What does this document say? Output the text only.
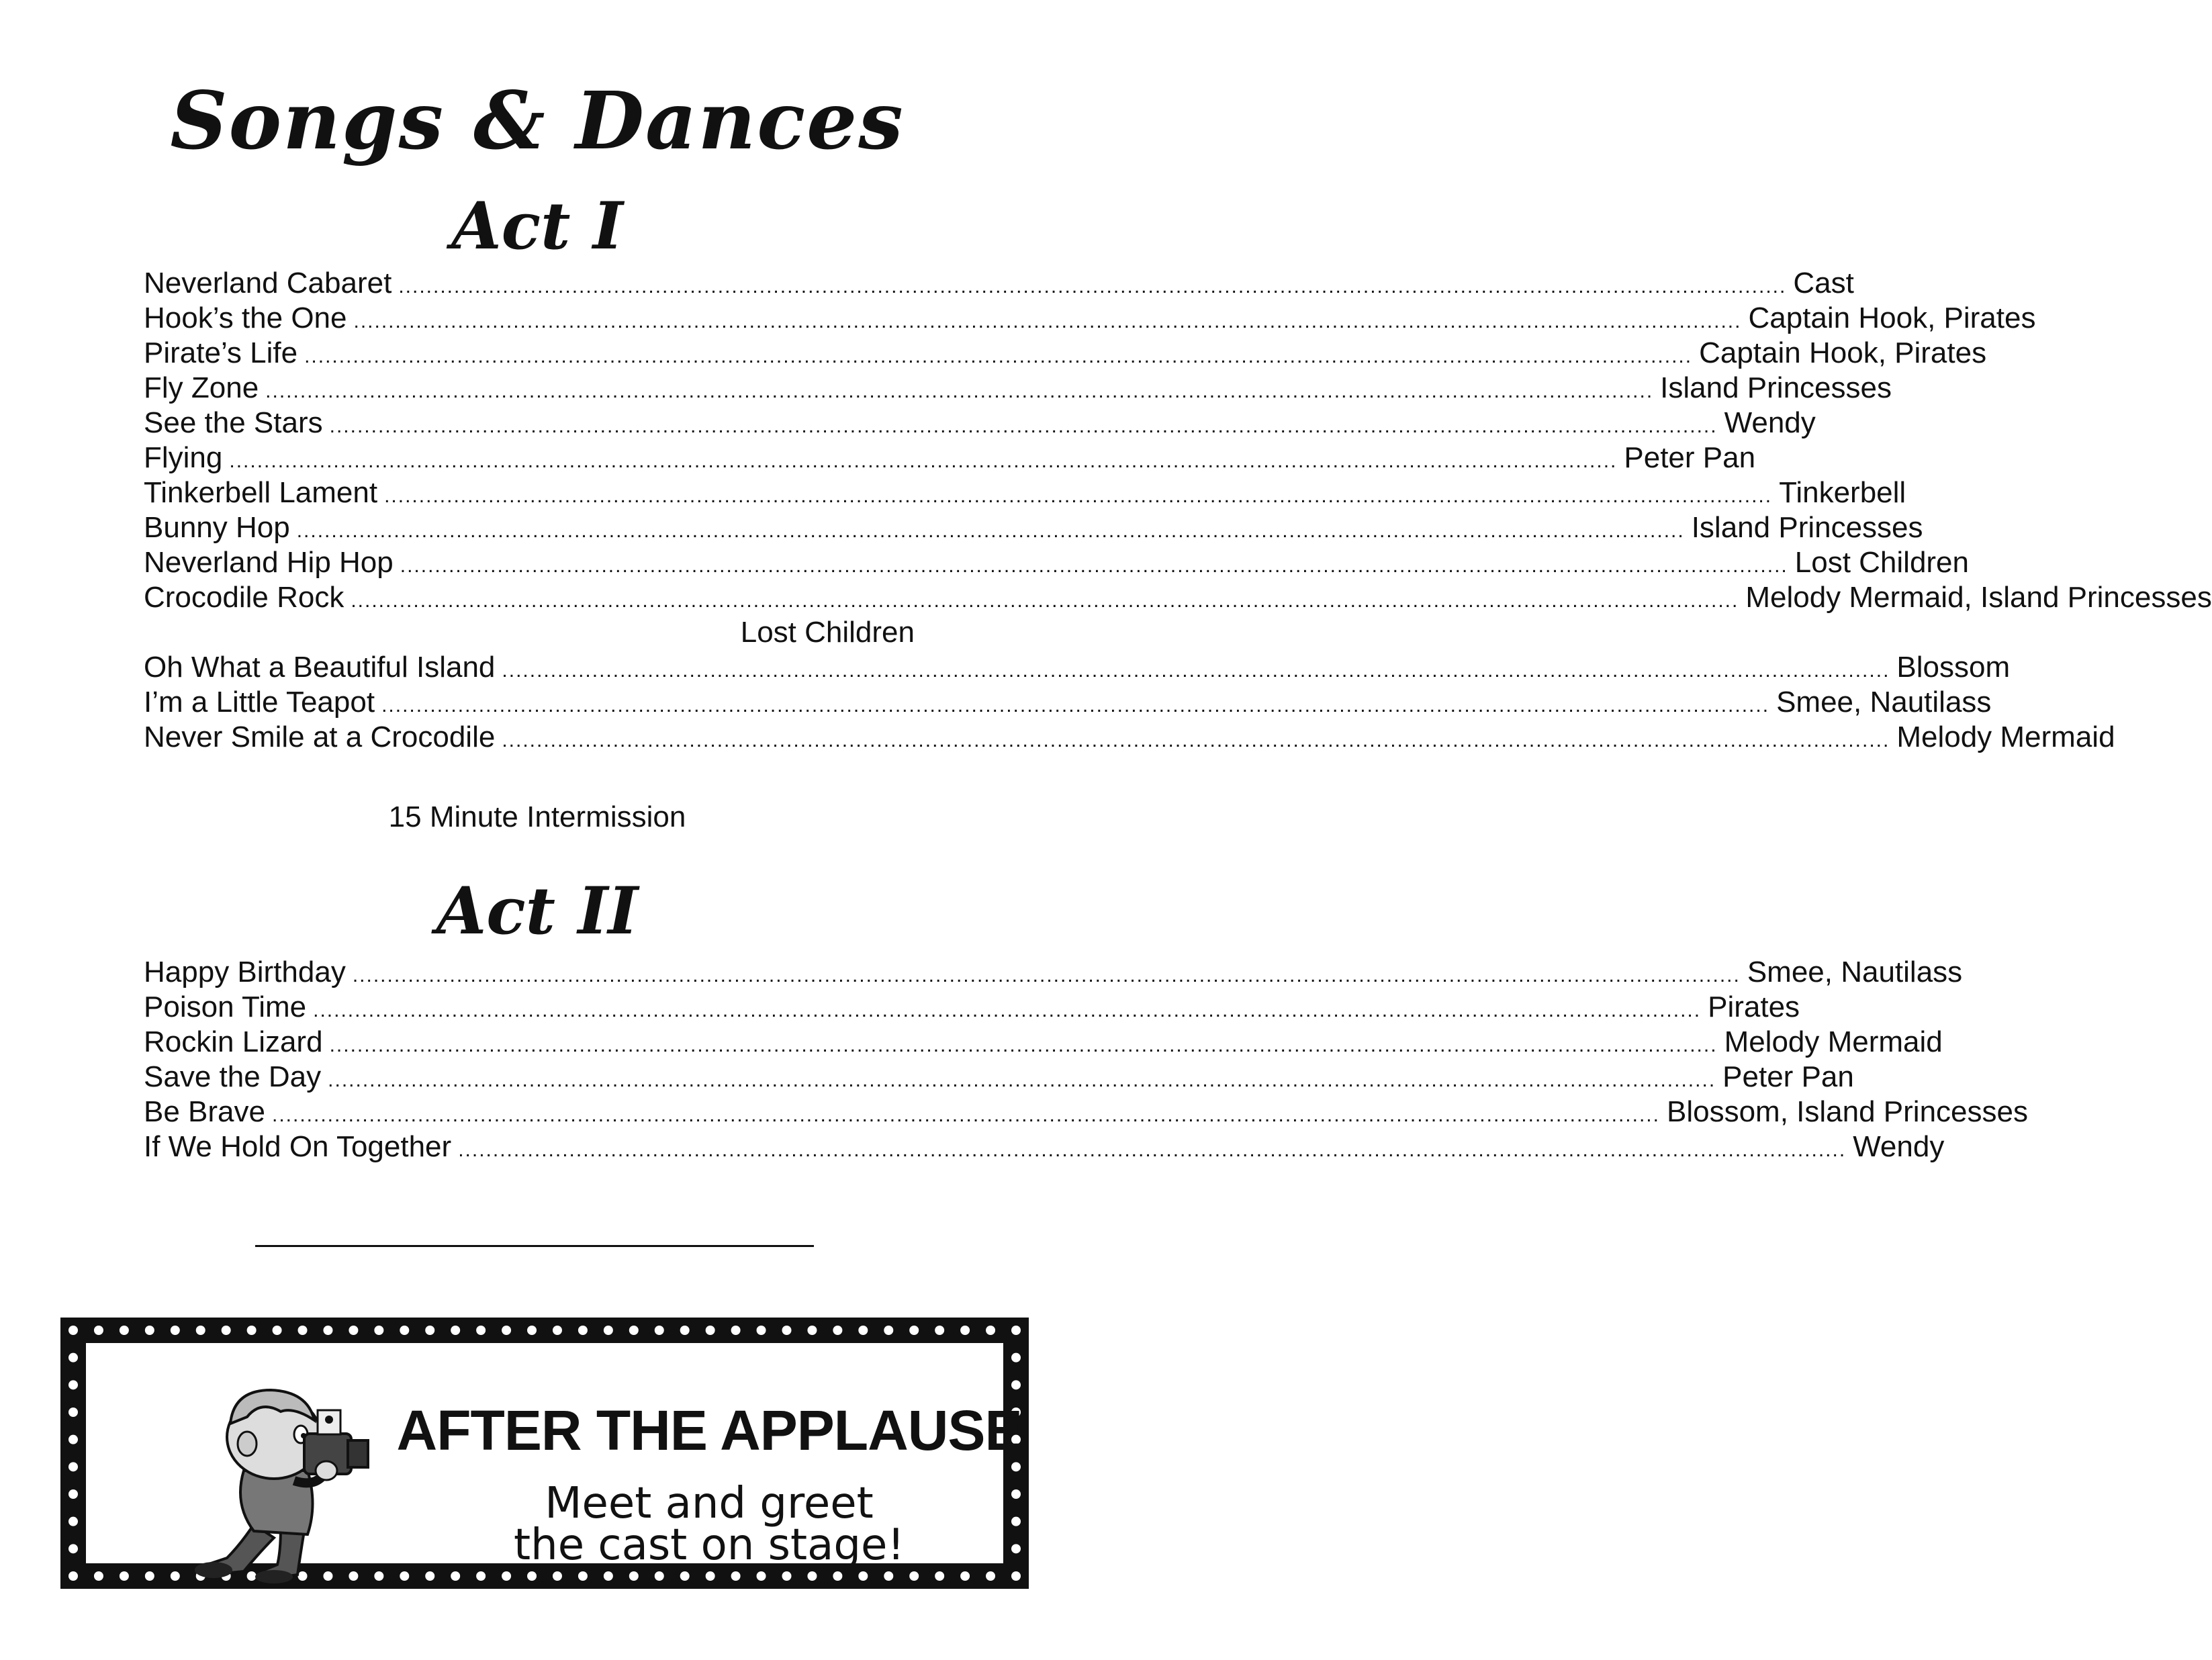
Songs & Dances
Act I
Neverland Cabaret ........................................................................................................................................................................................................ Cast
Hook’s the One ........................................................................................................................................................................................................ Captain Hook, Pirates
Pirate’s Life ........................................................................................................................................................................................................ Captain Hook, Pirates
Fly Zone ........................................................................................................................................................................................................ Island Princesses
See the Stars ........................................................................................................................................................................................................ Wendy
Flying ........................................................................................................................................................................................................ Peter Pan
Tinkerbell Lament ........................................................................................................................................................................................................ Tinkerbell
Bunny Hop ........................................................................................................................................................................................................ Island Princesses
Neverland Hip Hop ........................................................................................................................................................................................................ Lost Children
Crocodile Rock ........................................................................................................................................................................................................ Melody Mermaid, Island Princesses
Lost Children
Oh What a Beautiful Island ........................................................................................................................................................................................................ Blossom
I’m a Little Teapot ........................................................................................................................................................................................................ Smee, Nautilass
Never Smile at a Crocodile ........................................................................................................................................................................................................ Melody Mermaid
15 Minute Intermission
Act II
Happy Birthday ........................................................................................................................................................................................................ Smee, Nautilass
Poison Time ........................................................................................................................................................................................................ Pirates
Rockin Lizard ........................................................................................................................................................................................................ Melody Mermaid
Save the Day ........................................................................................................................................................................................................ Peter Pan
Be Brave ........................................................................................................................................................................................................ Blossom, Island Princesses
If We Hold On Together ........................................................................................................................................................................................................ Wendy
AFTER THE APPLAUSE
Meet and greet
the cast on stage!
